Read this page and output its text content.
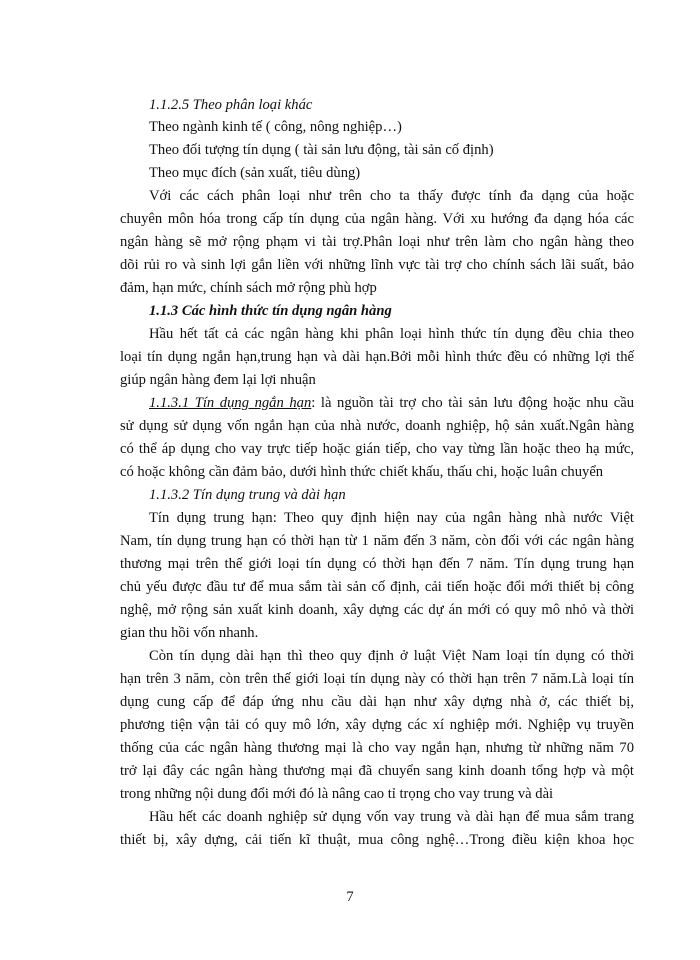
1.1.2.5 Theo phân loại khác
Theo ngành kinh tế ( công, nông nghiệp…)
Theo đối tượng tín dụng ( tài sản lưu động, tài sản cố định)
Theo mục đích (sản xuất, tiêu dùng)
Với các cách phân loại như trên cho ta thấy được tính đa dạng của hoặc
chuyên môn hóa trong cấp tín dụng của ngân hàng. Với xu hướng đa dạng hóa các
ngân hàng sẽ mở rộng phạm vi tài trợ.Phân loại như trên làm cho ngân hàng theo
dõi rủi ro và sinh lợi gắn liền với những lĩnh vực tài trợ cho chính sách lãi suất, bảo
đảm, hạn mức, chính sách mở rộng phù hợp
1.1.3 Các hình thức tín dụng ngân hàng
Hầu hết tất cả các ngân hàng khi phân loại hình thức tín dụng đều chia theo
loại tín dụng ngắn hạn,trung hạn và dài hạn.Bởi mỗi hình thức đều có những lợi thế
giúp ngân hàng đem lại lợi nhuận
1.1.3.1 Tín dụng ngắn hạn: là nguồn tài trợ cho tài sản lưu động hoặc nhu cầu
sử dụng sử dụng vốn ngắn hạn của nhà nước, doanh nghiệp, hộ sản xuất.Ngân hàng
có thể áp dụng cho vay trực tiếp hoặc gián tiếp, cho vay từng lần hoặc theo hạ mức,
có hoặc không cần đảm bảo, dưới hình thức chiết khấu, thấu chi, hoặc luân chuyển
1.1.3.2 Tín dụng trung và dài hạn
Tín dụng trung hạn: Theo quy định hiện nay của ngân hàng nhà nước Việt
Nam, tín dụng trung hạn có thời hạn từ 1 năm đến 3 năm, còn đối với các ngân hàng
thương mại trên thế giới loại tín dụng có thời hạn đến 7 năm. Tín dụng trung hạn
chủ yếu được đầu tư để mua sắm tài sản cố định, cải tiến hoặc đổi mới thiết bị công
nghệ, mở rộng sản xuất kinh doanh, xây dựng các dự án mới có quy mô nhỏ và thời
gian thu hồi vốn nhanh.
Còn tín dụng dài hạn thì theo quy định ở luật Việt Nam loại tín dụng có thời
hạn trên 3 năm, còn trên thế giới loại tín dụng này có thời hạn trên 7 năm.Là loại tín
dụng cung cấp để đáp ứng nhu cầu dài hạn như xây dựng nhà ở, các thiết bị,
phương tiện vận tải có quy mô lớn, xây dựng các xí nghiệp mới. Nghiệp vụ truyền
thống của các ngân hàng thương mại là cho vay ngắn hạn, nhưng từ những năm 70
trở lại đây các ngân hàng thương mại đã chuyển sang kinh doanh tổng hợp và một
trong những nội dung đổi mới đó là nâng cao tỉ trọng cho vay trung và dài
Hầu hết các doanh nghiệp sử dụng vốn vay trung và dài hạn để mua sắm trang
thiết bị, xây dựng, cải tiến kĩ thuật, mua công nghệ…Trong điều kiện khoa học
7
